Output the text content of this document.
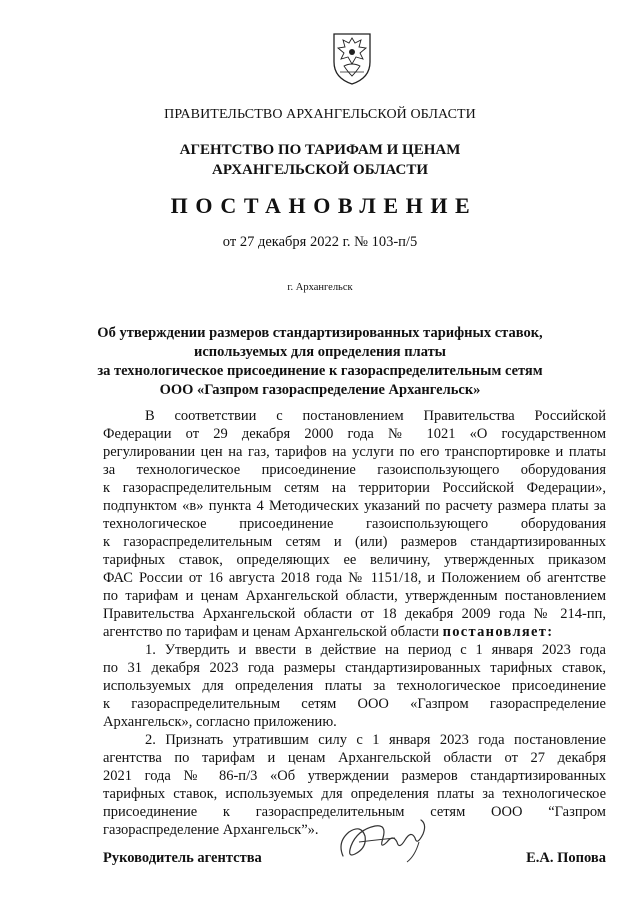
ПРАВИТЕЛЬСТВО АРХАНГЕЛЬСКОЙ ОБЛАСТИ
АГЕНТСТВО ПО ТАРИФАМ И ЦЕНАМ
АРХАНГЕЛЬСКОЙ ОБЛАСТИ
ПОСТАНОВЛЕНИЕ
от 27 декабря 2022 г. № 103-п/5
г. Архангельск
Об утверждении размеров стандартизированных тарифных ставок,
используемых для определения платы
за технологическое присоединение к газораспределительным сетям
ООО «Газпром газораспределение Архангельск»
В соответствии с постановлением Правительства Российской
Федерации от 29 декабря 2000 года № 1021 «О государственном
регулировании цен на газ, тарифов на услуги по его транспортировке и платы
за технологическое присоединение газоиспользующего оборудования
к газораспределительным сетям на территории Российской Федерации»,
подпунктом «в» пункта 4 Методических указаний по расчету размера платы за
технологическое присоединение газоиспользующего оборудования
к газораспределительным сетям и (или) размеров стандартизированных
тарифных ставок, определяющих ее величину, утвержденных приказом
ФАС России от 16 августа 2018 года № 1151/18, и Положением об агентстве
по тарифам и ценам Архангельской области, утвержденным постановлением
Правительства Архангельской области от 18 декабря 2009 года № 214-пп,
агентство по тарифам и ценам Архангельской области постановляет:
1. Утвердить и ввести в действие на период с 1 января 2023 года
по 31 декабря 2023 года размеры стандартизированных тарифных ставок,
используемых для определения платы за технологическое присоединение
к газораспределительным сетям ООО «Газпром газораспределение
Архангельск», согласно приложению.
2. Признать утратившим силу с 1 января 2023 года постановление
агентства по тарифам и ценам Архангельской области от 27 декабря
2021 года № 86-п/3 «Об утверждении размеров стандартизированных
тарифных ставок, используемых для определения платы за технологическое
присоединение к газораспределительным сетям ООО “Газпром
газораспределение Архангельск”».
Руководитель агентства	Е.А. Попова
